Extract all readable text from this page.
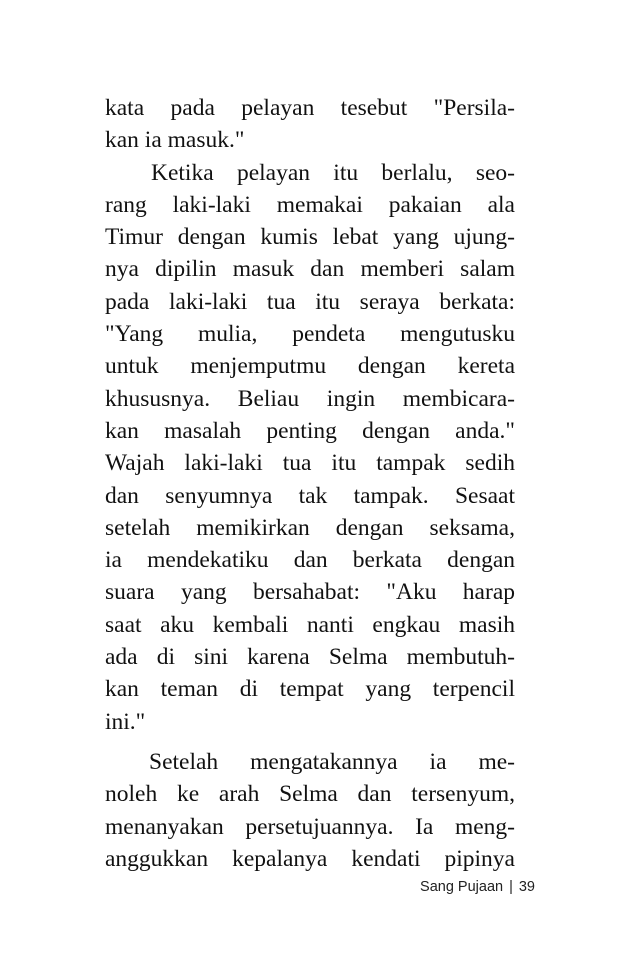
kata pada pelayan tesebut "Persila-
kan ia masuk."
Ketika pelayan itu berlalu, seo-
rang laki-laki memakai pakaian ala
Timur dengan kumis lebat yang ujung-
nya dipilin masuk dan memberi salam
pada laki-laki tua itu seraya berkata:
"Yang mulia, pendeta mengutusku
untuk menjemputmu dengan kereta
khususnya. Beliau ingin membicara-
kan masalah penting dengan anda."
Wajah laki-laki tua itu tampak sedih
dan senyumnya tak tampak. Sesaat
setelah memikirkan dengan seksama,
ia mendekatiku dan berkata dengan
suara yang bersahabat: "Aku harap
saat aku kembali nanti engkau masih
ada di sini karena Selma membutuh-
kan teman di tempat yang terpencil
ini."
Setelah mengatakannya ia me-
noleh ke arah Selma dan tersenyum,
menanyakan persetujuannya. Ia meng-
anggukkan kepalanya kendati pipinya
Sang Pujaan | 39
